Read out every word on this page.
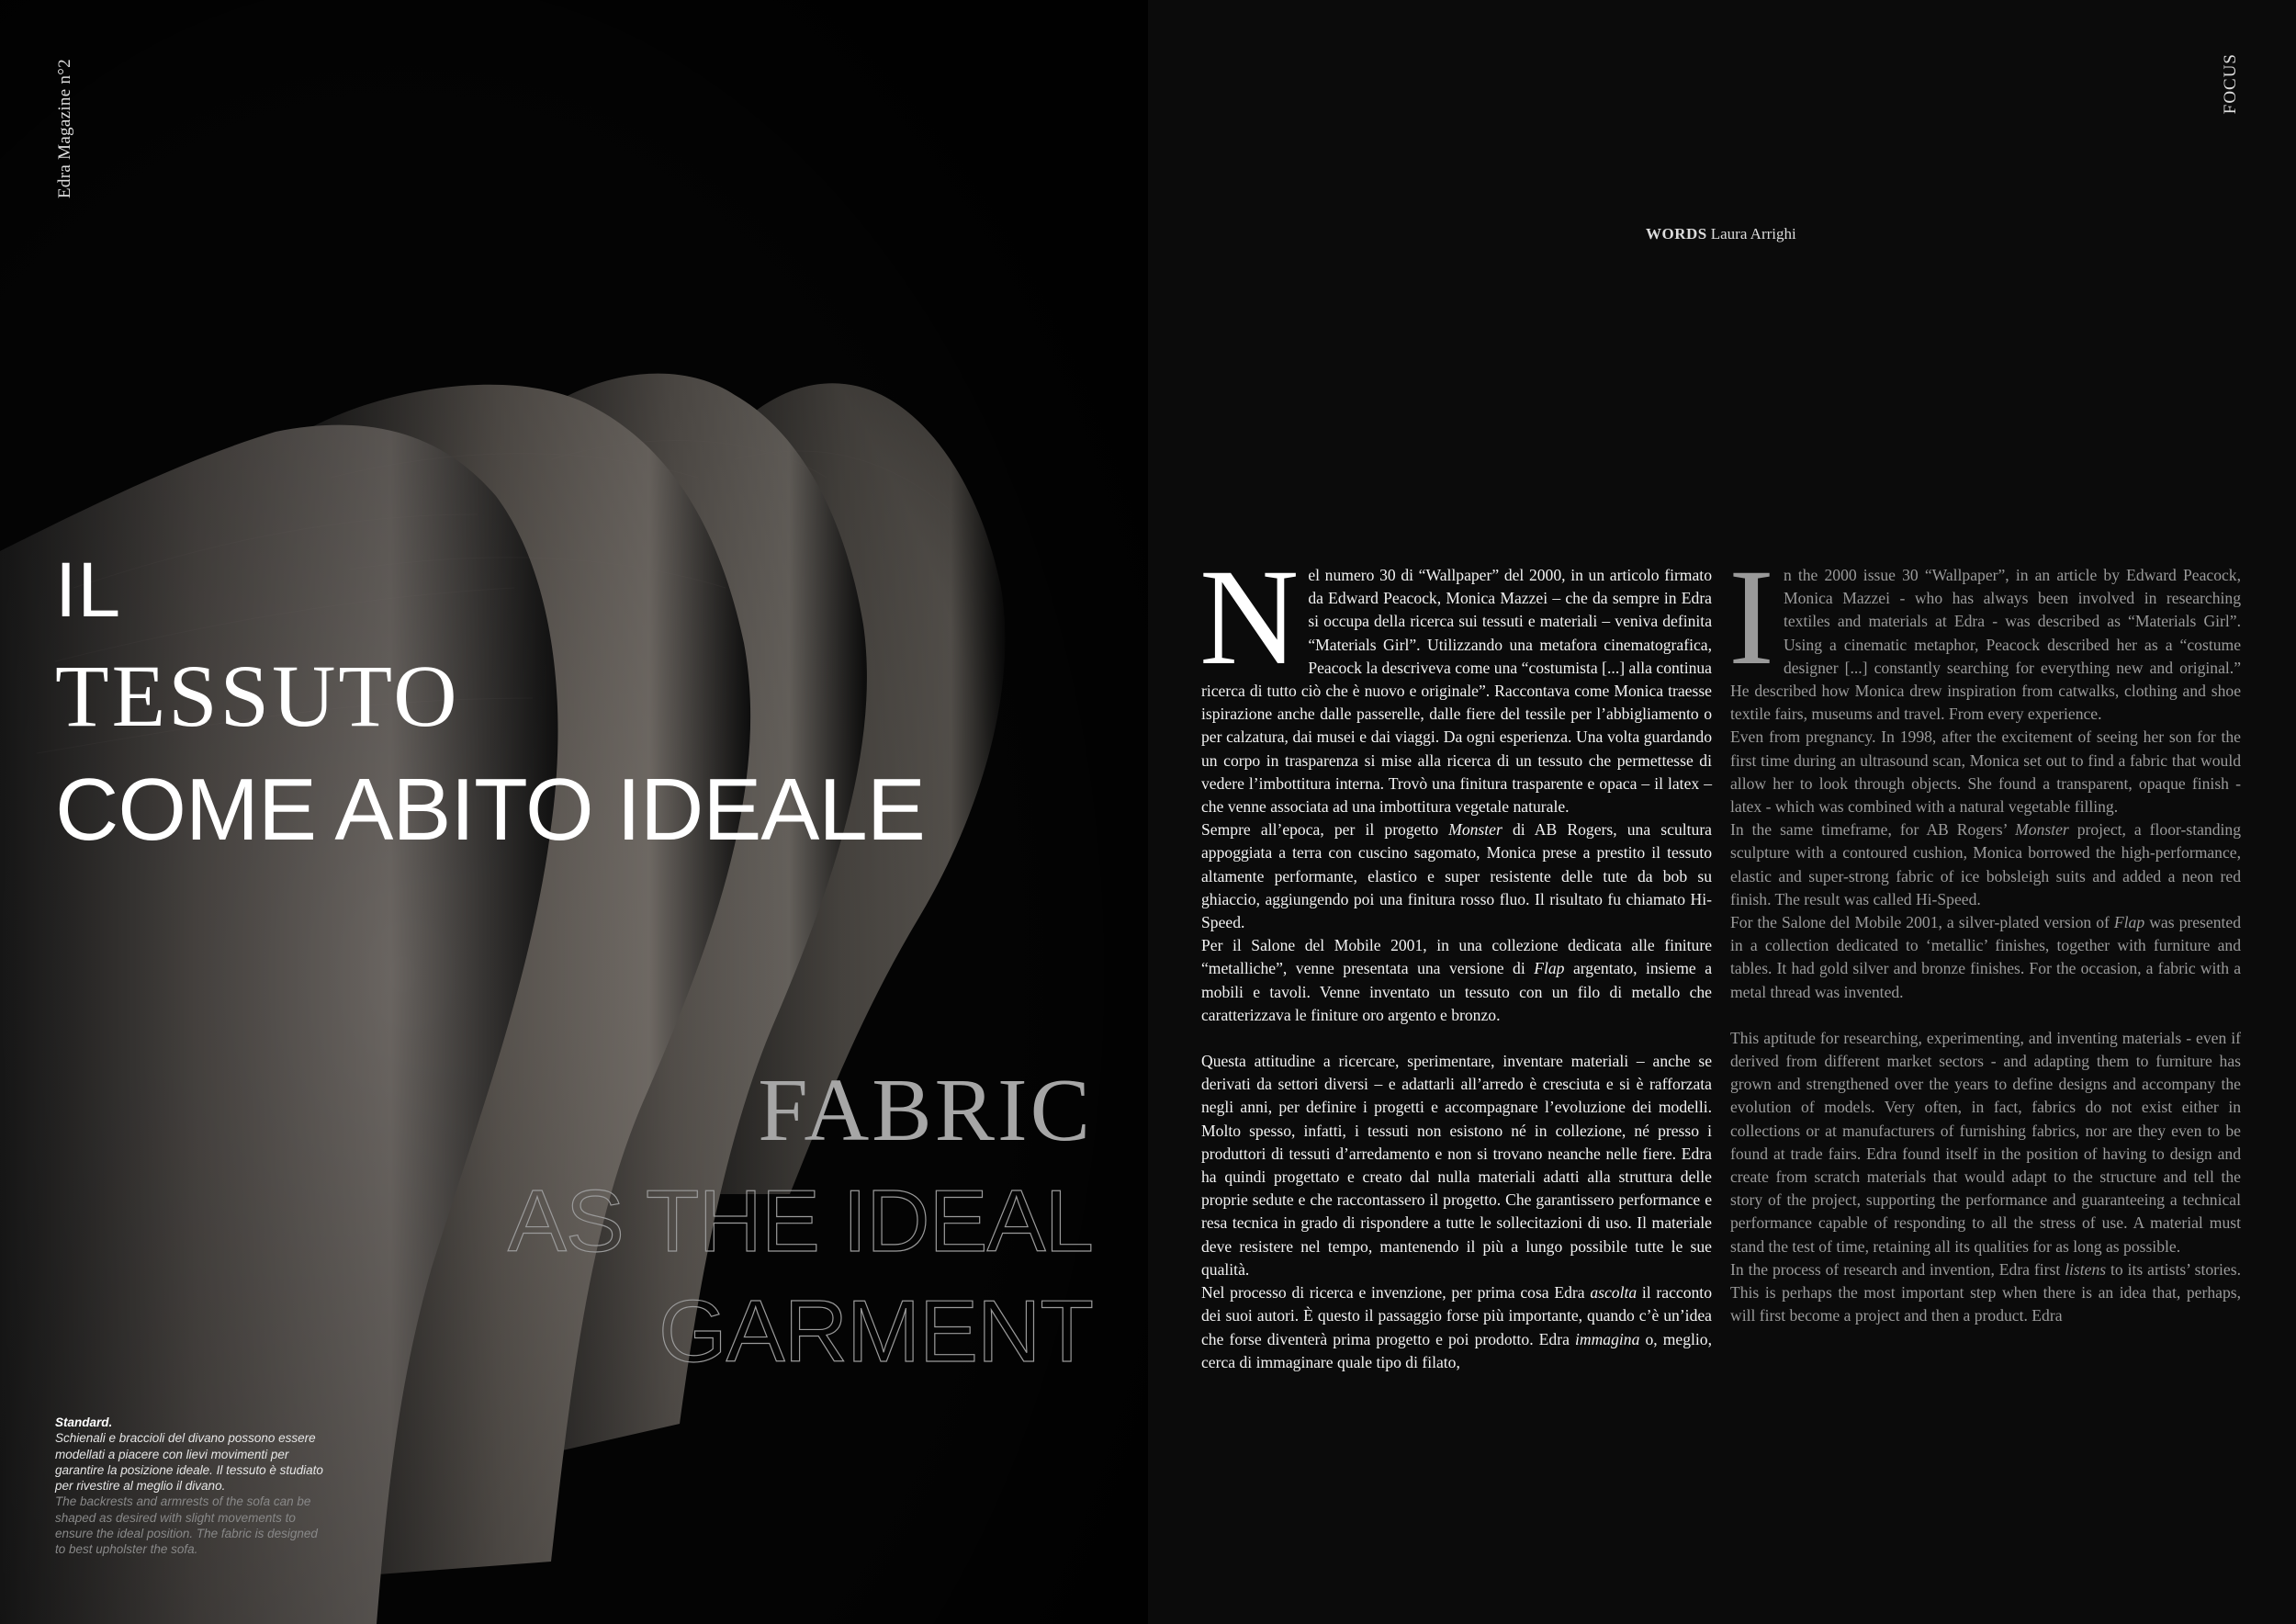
Edra Magazine n°2
IL
TESSUTO
COME ABITO IDEALE
FABRIC
AS THE IDEAL
GARMENT
Standard.
Schienali e braccioli del divano possono essere modellati a piacere con lievi movimenti per garantire la posizione ideale. Il tessuto è studiato per rivestire al meglio il divano.
The backrests and armrests of the sofa can be shaped as desired with slight movements to ensure the ideal position. The fabric is designed to best upholster the sofa.
FOCUS
WORDS Laura Arrighi

Nel numero 30 di “Wallpaper” del 2000, in un articolo firmato da Edward Peacock, Monica Mazzei – che da sempre in Edra si occupa della ricerca sui tessuti e materiali – veniva definita “Materials Girl”. Utilizzando una metafora cinematografica, Peacock la descriveva come una “costumista [...] alla continua ricerca di tutto ciò che è nuovo e originale”. Raccontava come Monica traesse ispirazione anche dalle passerelle, dalle fiere del tessile per l’abbigliamento o per calzatura, dai musei e dai viaggi. Da ogni esperienza. Una volta guardando un corpo in trasparenza si mise alla ricerca di un tessuto che permettesse di vedere l’imbottitura interna. Trovò una finitura trasparente e opaca – il latex – che venne associata ad una imbottitura vegetale naturale.

Sempre all’epoca, per il progetto Monster di AB Rogers, una scultura appoggiata a terra con cuscino sagomato, Monica prese a prestito il tessuto altamente performante, elastico e super resistente delle tute da bob su ghiaccio, aggiungendo poi una finitura rosso fluo. Il risultato fu chiamato Hi-Speed.

Per il Salone del Mobile 2001, in una collezione dedicata alle finiture “metalliche”, venne presentata una versione di Flap argentato, insieme a mobili e tavoli. Venne inventato un tessuto con un filo di metallo che caratterizzava le finiture oro argento e bronzo.

Questa attitudine a ricercare, sperimentare, inventare materiali – anche se derivati da settori diversi – e adattarli all’arredo è cresciuta e si è rafforzata negli anni, per definire i progetti e accompagnare l’evoluzione dei modelli. Molto spesso, infatti, i tessuti non esistono né in collezione, né presso i produttori di tessuti d’arredamento e non si trovano neanche nelle fiere. Edra ha quindi progettato e creato dal nulla materiali adatti alla struttura delle proprie sedute e che raccontassero il progetto. Che garantissero performance e resa tecnica in grado di rispondere a tutte le sollecitazioni di uso. Il materiale deve resistere nel tempo, mantenendo il più a lungo possibile tutte le sue qualità.

Nel processo di ricerca e invenzione, per prima cosa Edra ascolta il racconto dei suoi autori. È questo il passaggio forse più importante, quando c’è un’idea che forse diventerà prima progetto e poi prodotto. Edra immagina o, meglio, cerca di immaginare quale tipo di filato,

In the 2000 issue 30 “Wallpaper”, in an article by Edward Peacock, Monica Mazzei - who has always been involved in researching textiles and materials at Edra - was described as “Materials Girl”. Using a cinematic metaphor, Peacock described her as a “costume designer [...] constantly searching for everything new and original.” He described how Monica drew inspiration from catwalks, clothing and shoe textile fairs, museums and travel. From every experience.

Even from pregnancy. In 1998, after the excitement of seeing her son for the first time during an ultrasound scan, Monica set out to find a fabric that would allow her to look through objects. She found a transparent, opaque finish - latex - which was combined with a natural vegetable filling.

In the same timeframe, for AB Rogers’ Monster project, a floor-standing sculpture with a contoured cushion, Monica borrowed the high-performance, elastic and super-strong fabric of ice bobsleigh suits and added a neon red finish. The result was called Hi-Speed.

For the Salone del Mobile 2001, a silver-plated version of Flap was presented in a collection dedicated to ‘metallic’ finishes, together with furniture and tables. It had gold silver and bronze finishes. For the occasion, a fabric with a metal thread was invented.

This aptitude for researching, experimenting, and inventing materials - even if derived from different market sectors - and adapting them to furniture has grown and strengthened over the years to define designs and accompany the evolution of models. Very often, in fact, fabrics do not exist either in collections or at manufacturers of furnishing fabrics, nor are they even to be found at trade fairs. Edra found itself in the position of having to design and create from scratch materials that would adapt to the structure and tell the story of the project, supporting the performance and guaranteeing a technical performance capable of responding to all the stress of use. A material must stand the test of time, retaining all its qualities for as long as possible.

In the process of research and invention, Edra first listens to its artists’ stories. This is perhaps the most important step when there is an idea that, perhaps, will first become a project and then a product. Edra
